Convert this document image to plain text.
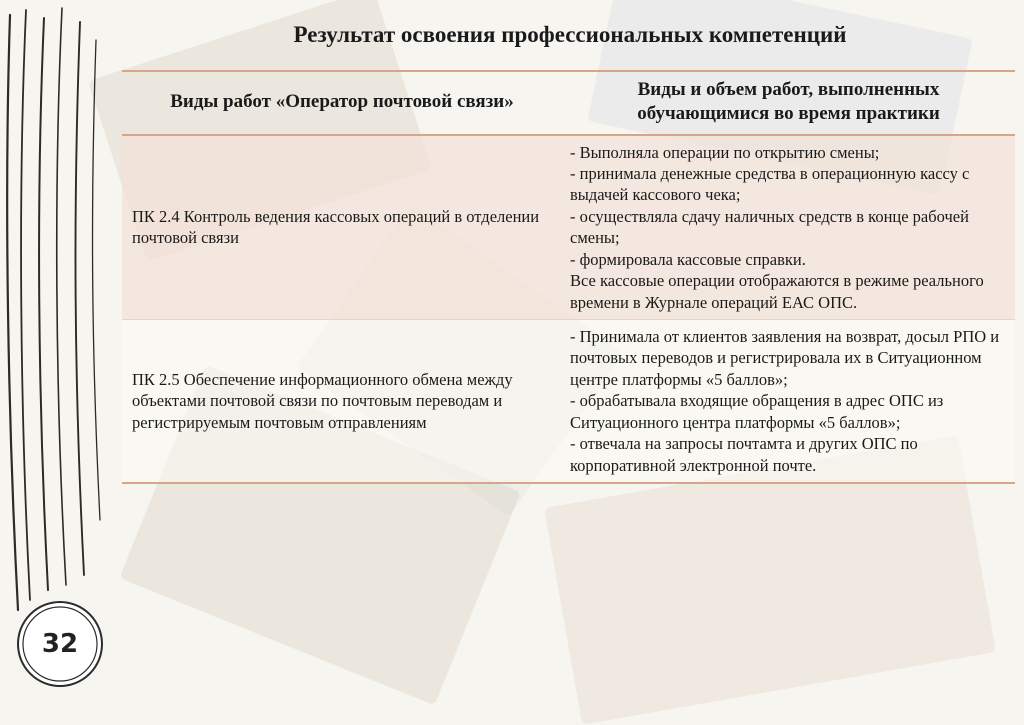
Результат освоения профессиональных компетенций
Виды работ «Оператор почтовой связи»	Виды и объем работ, выполненных обучающимися во время практики
ПК 2.4 Контроль ведения кассовых операций в отделении почтовой связи	- Выполняла операции по открытию смены;

- принимала денежные средства в операционную кассу с выдачей кассового чека;

- осуществляла сдачу наличных средств в конце рабочей смены;

- формировала кассовые справки.

Все кассовые операции отображаются в режиме реального времени в Журнале операций ЕАС ОПС.

ПК 2.5 Обеспечение информационного обмена между объектами почтовой связи по почтовым переводам и регистрируемым почтовым отправлениям	- Принимала от клиентов заявления на возврат, досыл РПО и почтовых переводов и регистрировала их в Ситуационном центре платформы «5 баллов»;

- обрабатывала входящие обращения в адрес ОПС из Ситуационного центра платформы «5 баллов»;

- отвечала на запросы почтамта и других ОПС по корпоративной электронной почте.

32
